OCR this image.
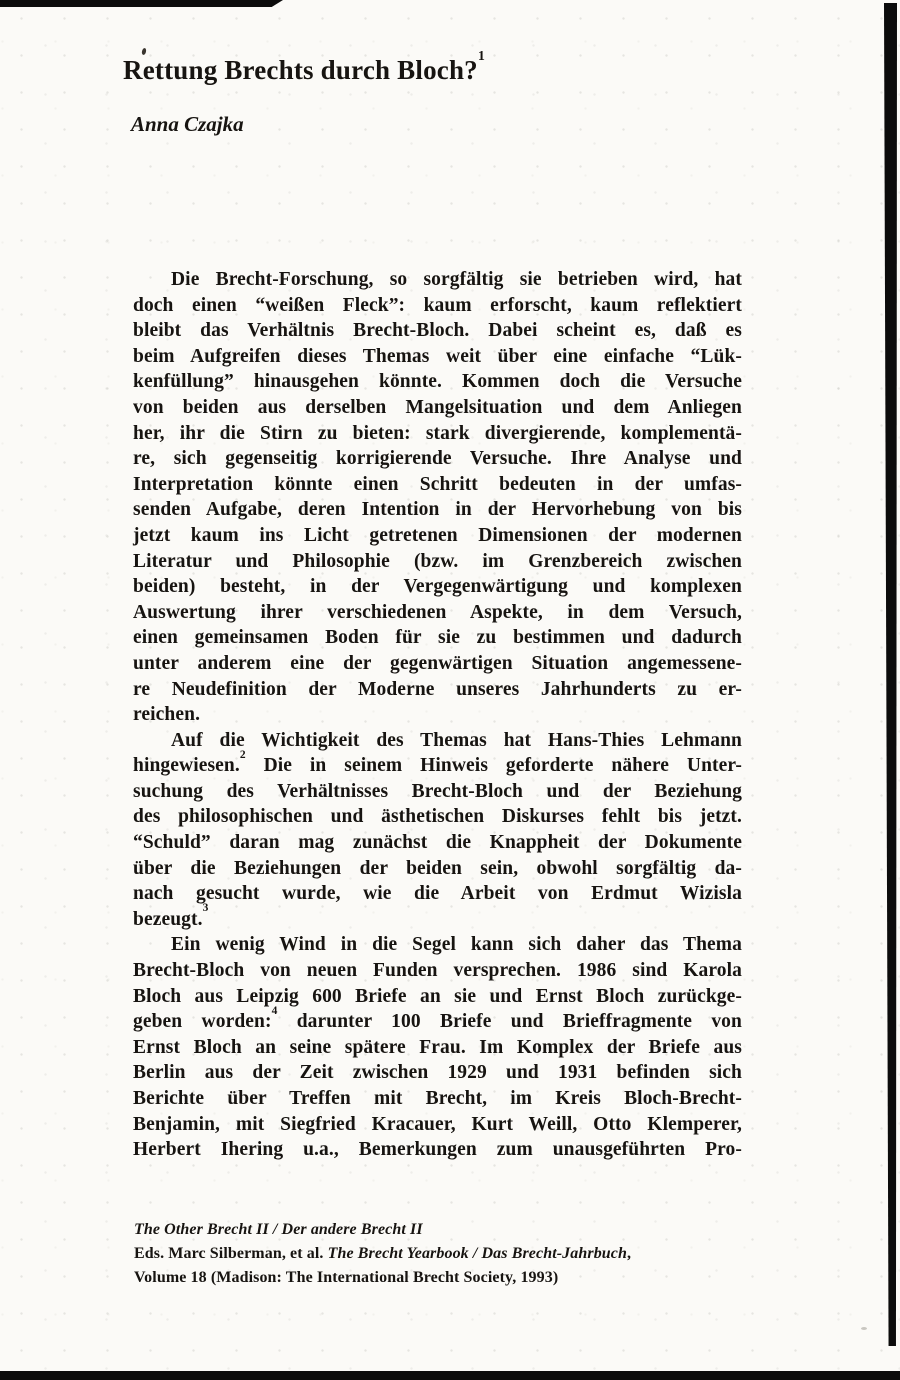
Rettung Brechts durch Bloch?$^1$
Anna Czajka
Die Brecht-Forschung, so sorgfältig sie betrieben wird, hat
doch einen “weißen Fleck”: kaum erforscht, kaum reflektiert
bleibt das Verhältnis Brecht-Bloch. Dabei scheint es, daß es
beim Aufgreifen dieses Themas weit über eine einfache “Lük-
kenfüllung” hinausgehen könnte. Kommen doch die Versuche
von beiden aus derselben Mangelsituation und dem Anliegen
her, ihr die Stirn zu bieten: stark divergierende, komplementä-
re, sich gegenseitig korrigierende Versuche. Ihre Analyse und
Interpretation könnte einen Schritt bedeuten in der umfas-
senden Aufgabe, deren Intention in der Hervorhebung von bis
jetzt kaum ins Licht getretenen Dimensionen der modernen
Literatur und Philosophie (bzw. im Grenzbereich zwischen
beiden) besteht, in der Vergegenwärtigung und komplexen
Auswertung ihrer verschiedenen Aspekte, in dem Versuch,
einen gemeinsamen Boden für sie zu bestimmen und dadurch
unter anderem eine der gegenwärtigen Situation angemessene-
re Neudefinition der Moderne unseres Jahrhunderts zu er-
reichen.
Auf die Wichtigkeit des Themas hat Hans-Thies Lehmann
hingewiesen.$^2$ Die in seinem Hinweis geforderte nähere Unter-
suchung des Verhältnisses Brecht-Bloch und der Beziehung
des philosophischen und ästhetischen Diskurses fehlt bis jetzt.
“Schuld” daran mag zunächst die Knappheit der Dokumente
über die Beziehungen der beiden sein, obwohl sorgfältig da-
nach gesucht wurde, wie die Arbeit von Erdmut Wizisla
bezeugt.$^3$
Ein wenig Wind in die Segel kann sich daher das Thema
Brecht-Bloch von neuen Funden versprechen. 1986 sind Karola
Bloch aus Leipzig 600 Briefe an sie und Ernst Bloch zurückge-
geben worden:$^4$ darunter 100 Briefe und Brieffragmente von
Ernst Bloch an seine spätere Frau. Im Komplex der Briefe aus
Berlin aus der Zeit zwischen 1929 und 1931 befinden sich
Berichte über Treffen mit Brecht, im Kreis Bloch-Brecht-
Benjamin, mit Siegfried Kracauer, Kurt Weill, Otto Klemperer,
Herbert Ihering u.a., Bemerkungen zum unausgeführten Pro-
The Other Brecht II / Der andere Brecht II
Eds. Marc Silberman, et al. The Brecht Yearbook / Das Brecht-Jahrbuch,
Volume 18 (Madison: The International Brecht Society, 1993)
